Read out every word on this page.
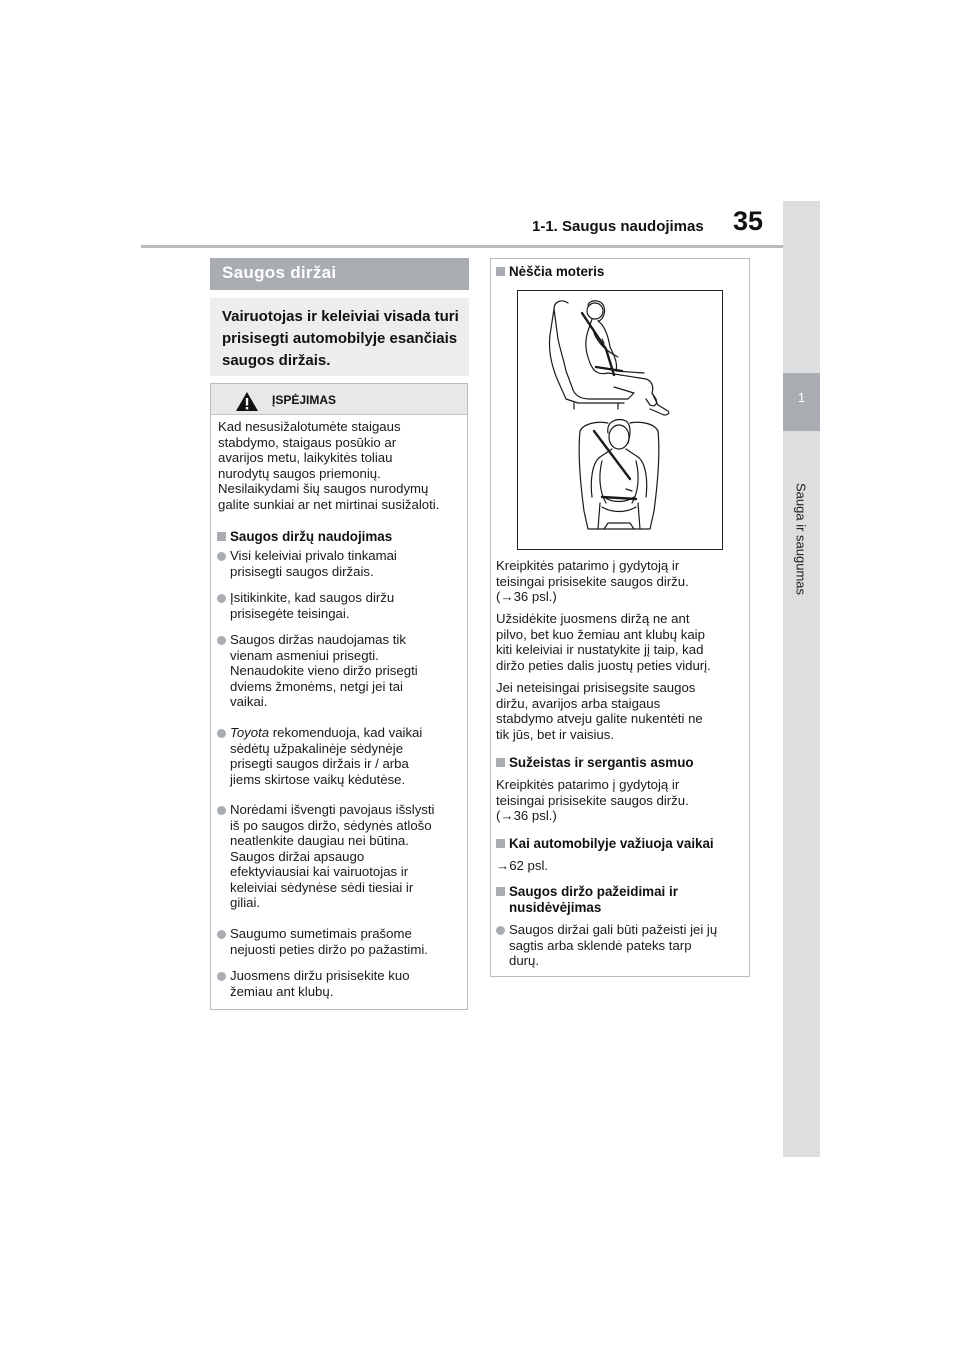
1-1. Saugus naudojimas 35
1
Sauga ir saugumas
Saugos diržai

Vairuotojas ir keleiviai visada turi prisisegti automobilyje esančiais saugos diržais.

ĮSPĖJIMAS
Kad nesusižalotumėte staigaus
stabdymo, staigaus posūkio ar
avarijos metu, laikykitės toliau
nurodytų saugos priemonių.
Nesilaikydami šių saugos nurodymų
galite sunkiai ar net mirtinai susižaloti.
Saugos diržų naudojimas
Visi keleiviai privalo tinkamai
prisisegti saugos diržais.
Įsitikinkite, kad saugos diržu
prisisegėte teisingai.
Saugos diržas naudojamas tik
vienam asmeniui prisegti.
Nenaudokite vieno diržo prisegti
dviems žmonėms, netgi jei tai
vaikai.
Toyota rekomenduoja, kad vaikai
sėdėtų užpakalinėje sėdynėje
prisegti saugos diržais ir / arba
jiems skirtose vaikų kėdutėse.
Norėdami išvengti pavojaus išslysti
iš po saugos diržo, sėdynės atlošo
neatlenkite daugiau nei būtina.
Saugos diržai apsaugo
efektyviausiai kai vairuotojas ir
keleiviai sėdynėse sėdi tiesiai ir
giliai.
Saugumo sumetimais prašome
nejuosti peties diržo po pažastimi.
Juosmens diržu prisisekite kuo
žemiau ant klubų.
Nėščia moteris
Kreipkitės patarimo į gydytoją ir
teisingai prisisekite saugos diržu.
(→36 psl.)
Užsidėkite juosmens diržą ne ant
pilvo, bet kuo žemiau ant klubų kaip
kiti keleiviai ir nustatykite jį taip, kad
diržo peties dalis juostų peties vidurį.
Jei neteisingai prisisegsite saugos
diržu, avarijos arba staigaus
stabdymo atveju galite nukentėti ne
tik jūs, bet ir vaisius.
Sužeistas ir sergantis asmuo
Kreipkitės patarimo į gydytoją ir
teisingai prisisekite saugos diržu.
(→36 psl.)
Kai automobilyje važiuoja vaikai
→62 psl.
Saugos diržo pažeidimai ir
nusidėvėjimas
Saugos diržai gali būti pažeisti jei jų
sagtis arba sklendė pateks tarp
durų.
